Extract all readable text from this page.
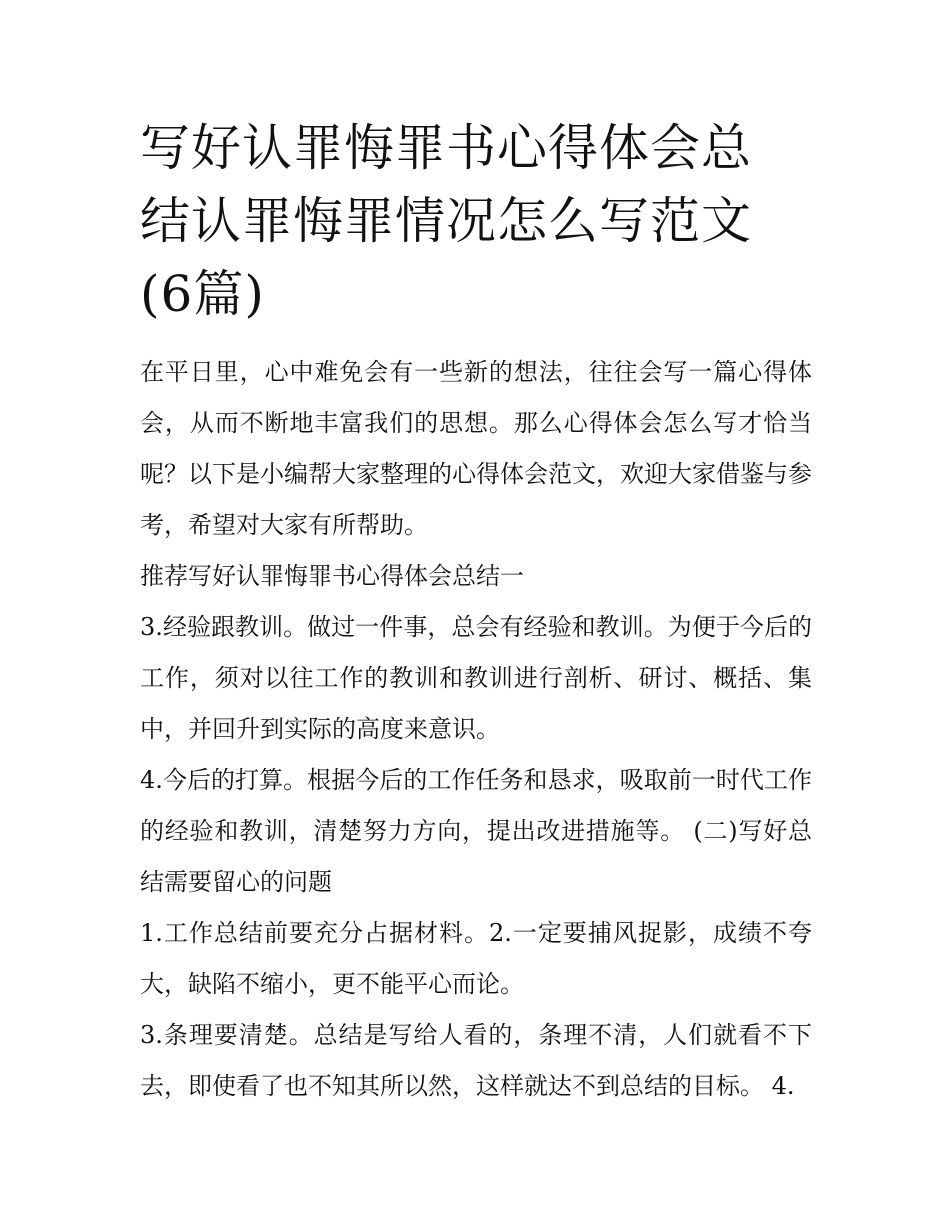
写好认罪悔罪书心得体会总结认罪悔罪情况怎么写范文(6篇)

在平日里，心中难免会有一些新的想法，往往会写一篇心得体会，从而不断地丰富我们的思想。那么心得体会怎么写才恰当呢？以下是小编帮大家整理的心得体会范文，欢迎大家借鉴与参考，希望对大家有所帮助。

推荐写好认罪悔罪书心得体会总结一

3.经验跟教训。做过一件事，总会有经验和教训。为便于今后的工作，须对以往工作的教训和教训进行剖析、研讨、概括、集中，并回升到实际的高度来意识。

4.今后的打算。根据今后的工作任务和恳求，吸取前一时代工作的经验和教训，清楚努力方向，提出改进措施等。 (二)写好总结需要留心的问题

1.工作总结前要充分占据材料。2.一定要捕风捉影，成绩不夸大，缺陷不缩小，更不能平心而论。

3.条理要清楚。总结是写给人看的，条理不清，人们就看不下去，即使看了也不知其所以然，这样就达不到总结的目标。 4.
